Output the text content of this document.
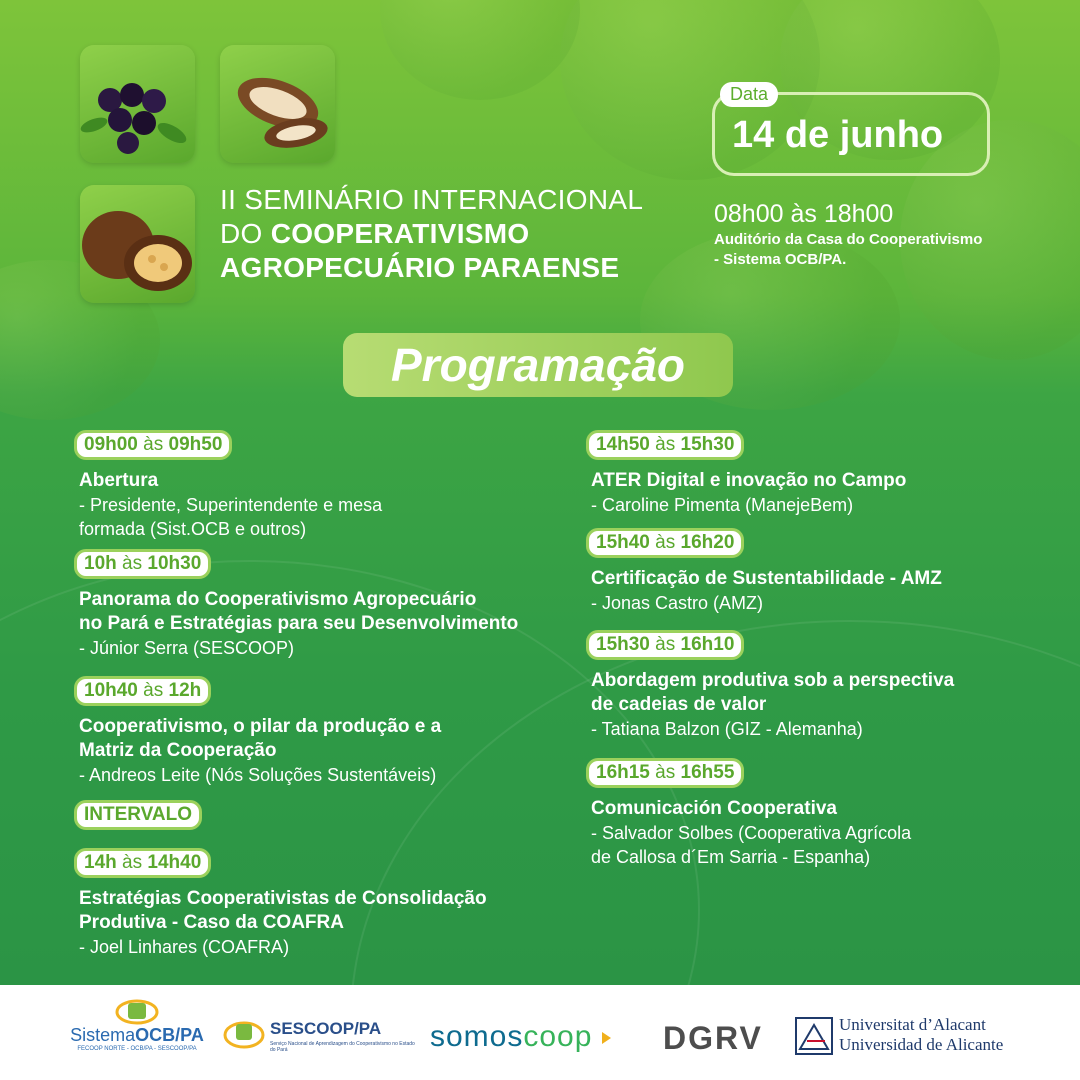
II SEMINÁRIO INTERNACIONAL
DO COOPERATIVISMO
AGROPECUÁRIO PARAENSE
Data
14 de junho
08h00 às 18h00
Auditório da Casa do Cooperativismo
- Sistema OCB/PA.
Programação
09h00 às 09h50
Abertura
- Presidente, Superintendente e mesa
formada (Sist.OCB e outros)
10h às 10h30
Panorama do Cooperativismo Agropecuário
no Pará e Estratégias para seu Desenvolvimento
- Júnior Serra (SESCOOP)
10h40 às 12h
Cooperativismo, o pilar da produção e a
Matriz da Cooperação
- Andreos Leite (Nós Soluções Sustentáveis)
INTERVALO
14h às 14h40
Estratégias Cooperativistas de Consolidação
Produtiva - Caso da COAFRA
- Joel Linhares (COAFRA)
14h50 às 15h30
ATER Digital e inovação no Campo
- Caroline Pimenta (ManejeBem)
15h40 às 16h20
Certificação de Sustentabilidade - AMZ
- Jonas Castro (AMZ)
15h30 às 16h10
Abordagem produtiva sob a perspectiva
de cadeias de valor
- Tatiana Balzon (GIZ - Alemanha)
16h15 às 16h55
Comunicación Cooperativa
- Salvador Solbes (Cooperativa Agrícola
de Callosa d´Em Sarria - Espanha)
SistemaOCB/PA
FECOOP NORTE - OCB/PA - SESCOOP/PA
SESCOOP/PA
Serviço Nacional de Aprendizagem do Cooperativismo no Estado do Pará	somoscoop	DGRV	Universitat d’Alacant
Universidad de Alicante
